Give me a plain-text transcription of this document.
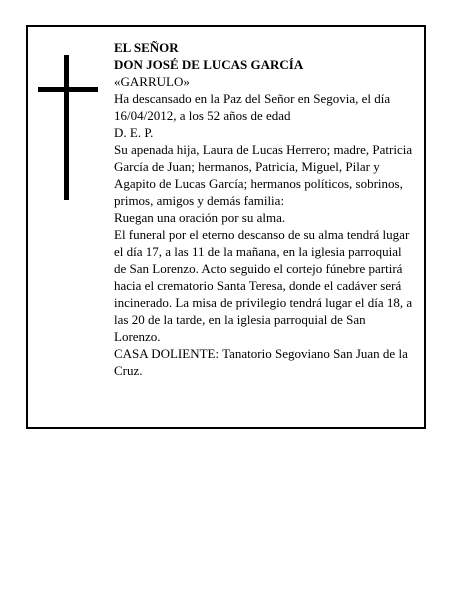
EL SEÑOR
DON JOSÉ DE LUCAS GARCÍA
«GARRULO»

Ha descansado en la Paz del Señor en Segovia, el día 16/04/2012, a los 52 años de edad

D. E. P.

Su apenada hija, Laura de Lucas Herrero; madre, Patricia García de Juan; hermanos, Patricia, Miguel, Pilar y Agapito de Lucas García; hermanos políticos, sobrinos, primos, amigos y demás familia:

Ruegan una oración por su alma.

El funeral por el eterno descanso de su alma tendrá lugar el día 17, a las 11 de la mañana, en la iglesia parroquial de San Lorenzo. Acto seguido el cortejo fúnebre partirá hacia el crematorio Santa Teresa, donde el cadáver será incinerado. La misa de privilegio tendrá lugar el día 18, a las 20 de la tarde, en la iglesia parroquial de San Lorenzo.

CASA DOLIENTE: Tanatorio Segoviano San Juan de la Cruz.
